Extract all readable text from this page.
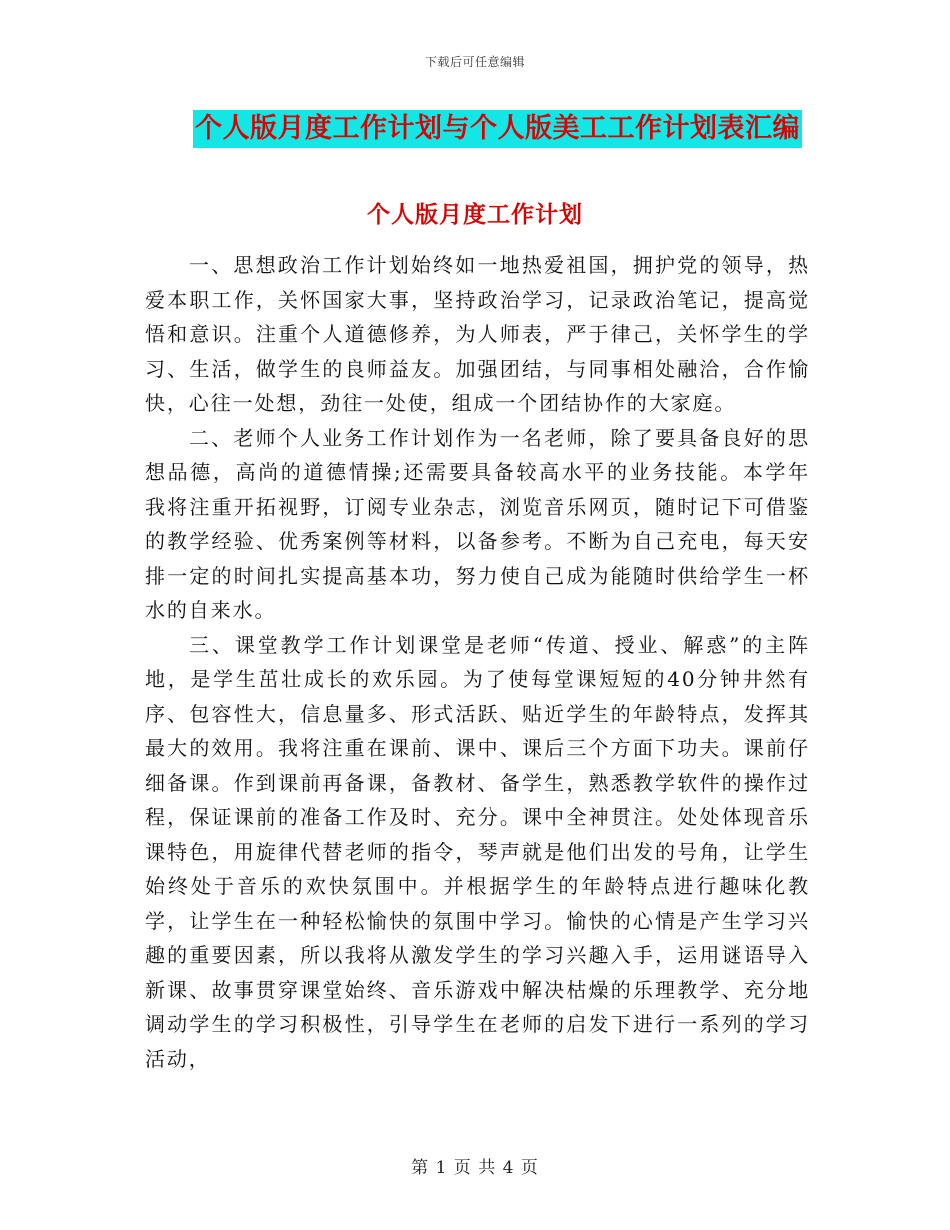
下载后可任意编辑
个人版月度工作计划与个人版美工工作计划表汇编
个人版月度工作计划

一、思想政治工作计划始终如一地热爱祖国，拥护党的领导，热爱本职工作，关怀国家大事，坚持政治学习，记录政治笔记，提高觉悟和意识。注重个人道德修养，为人师表，严于律己，关怀学生的学习、生活，做学生的良师益友。加强团结，与同事相处融洽，合作愉快，心往一处想，劲往一处使，组成一个团结协作的大家庭。

二、老师个人业务工作计划作为一名老师，除了要具备良好的思想品德，高尚的道德情操;还需要具备较高水平的业务技能。本学年我将注重开拓视野，订阅专业杂志，浏览音乐网页，随时记下可借鉴的教学经验、优秀案例等材料，以备参考。不断为自己充电，每天安排一定的时间扎实提高基本功，努力使自己成为能随时供给学生一杯水的自来水。

三、课堂教学工作计划课堂是老师“传道、授业、解惑”的主阵地，是学生茁壮成长的欢乐园。为了使每堂课短短的40分钟井然有序、包容性大，信息量多、形式活跃、贴近学生的年龄特点，发挥其最大的效用。我将注重在课前、课中、课后三个方面下功夫。课前仔细备课。作到课前再备课，备教材、备学生，熟悉教学软件的操作过程，保证课前的准备工作及时、充分。课中全神贯注。处处体现音乐课特色，用旋律代替老师的指令，琴声就是他们出发的号角，让学生始终处于音乐的欢快氛围中。并根据学生的年龄特点进行趣味化教学，让学生在一种轻松愉快的氛围中学习。愉快的心情是产生学习兴趣的重要因素，所以我将从激发学生的学习兴趣入手，运用谜语导入新课、故事贯穿课堂始终、音乐游戏中解决枯燥的乐理教学、充分地调动学生的学习积极性，引导学生在老师的启发下进行一系列的学习活动，

第 1 页 共 4 页
